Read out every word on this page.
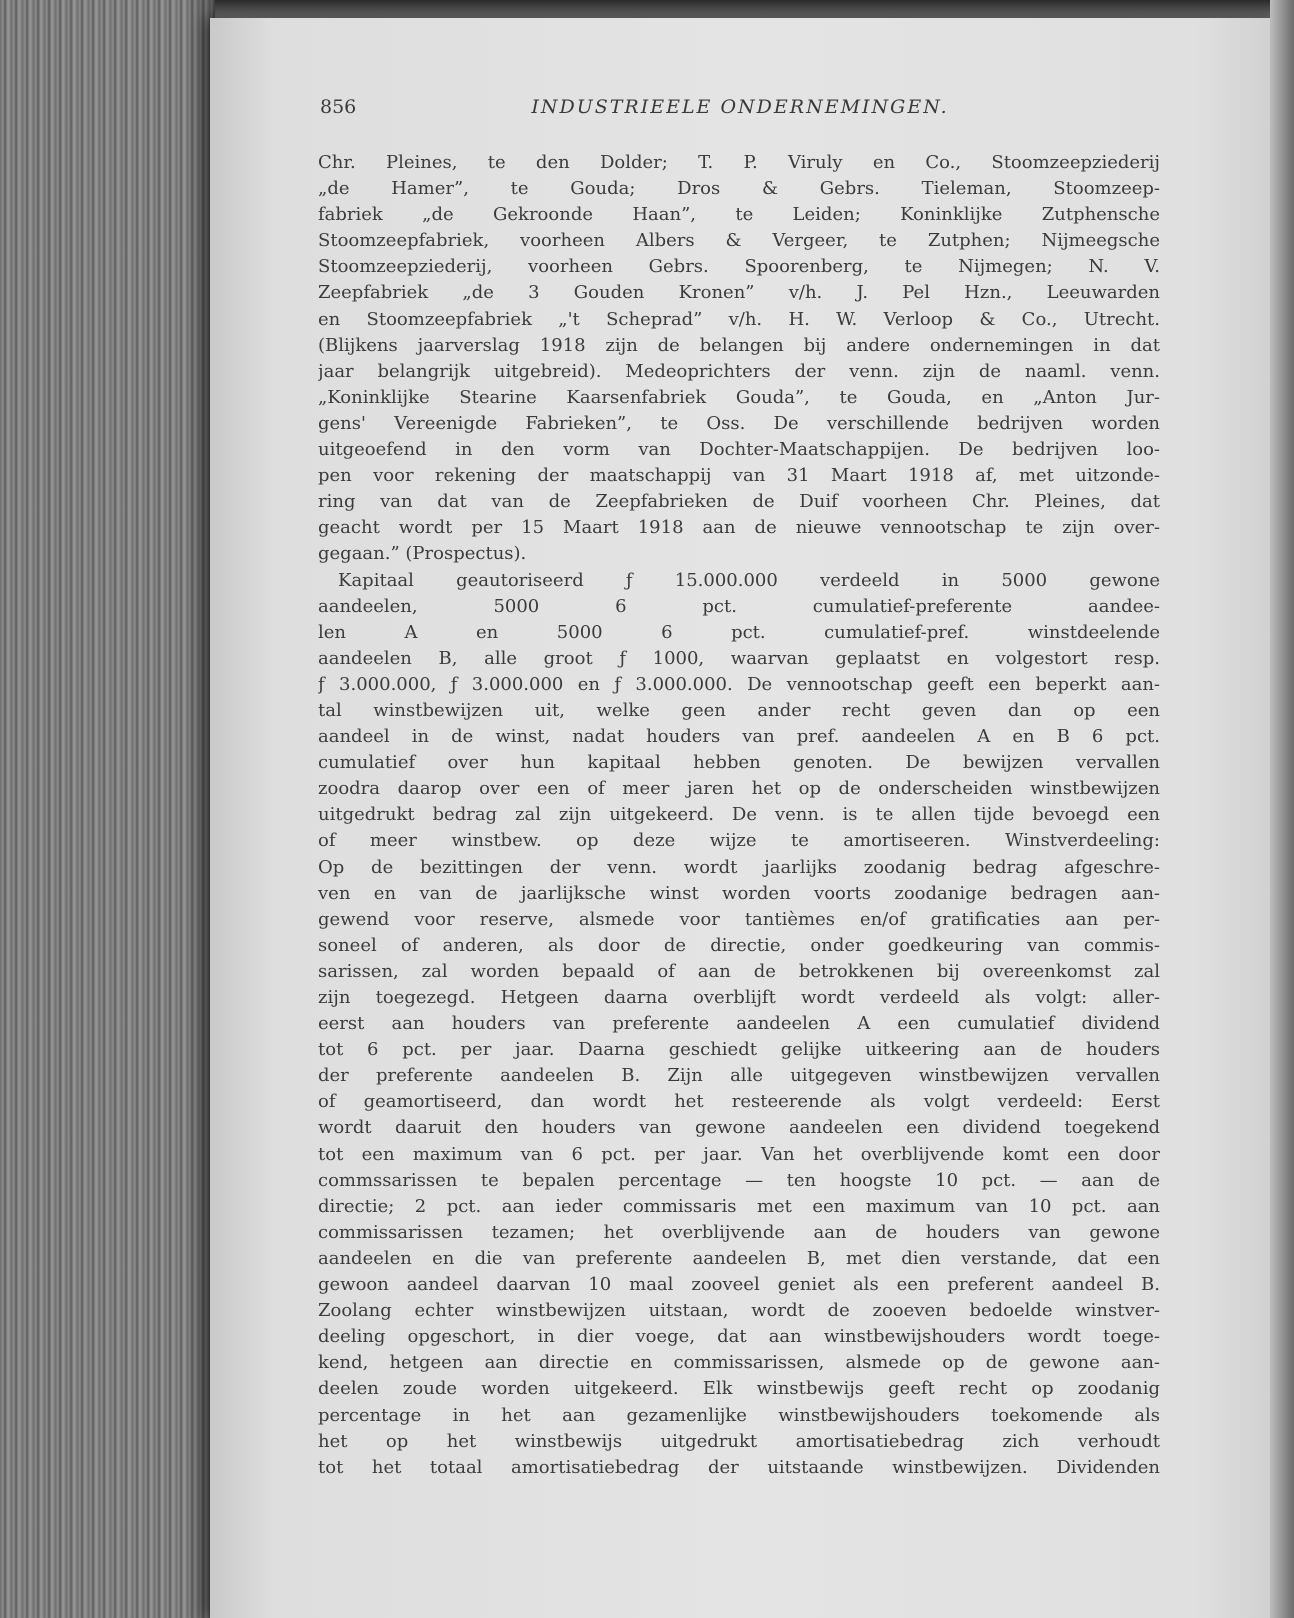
856	INDUSTRIEELE ONDERNEMINGEN.
Chr. Pleines, te den Dolder; T. P. Viruly en Co., Stoomzeepziederij
„de Hamer”, te Gouda; Dros & Gebrs. Tieleman, Stoomzeep-
fabriek „de Gekroonde Haan”, te Leiden; Koninklijke Zutphensche
Stoomzeepfabriek, voorheen Albers & Vergeer, te Zutphen; Nijmeegsche
Stoomzeepziederij, voorheen Gebrs. Spoorenberg, te Nijmegen; N. V.
Zeepfabriek „de 3 Gouden Kronen” v/h. J. Pel Hzn., Leeuwarden
en Stoomzeepfabriek „'t Scheprad” v/h. H. W. Verloop & Co., Utrecht.
(Blijkens jaarverslag 1918 zijn de belangen bij andere ondernemingen in dat
jaar belangrijk uitgebreid). Medeoprichters der venn. zijn de naaml. venn.
„Koninklijke Stearine Kaarsenfabriek Gouda”, te Gouda, en „Anton Jur-
gens' Vereenigde Fabrieken”, te Oss. De verschillende bedrijven worden
uitgeoefend in den vorm van Dochter-Maatschappijen. De bedrijven loo-
pen voor rekening der maatschappij van 31 Maart 1918 af, met uitzonde-
ring van dat van de Zeepfabrieken de Duif voorheen Chr. Pleines, dat
geacht wordt per 15 Maart 1918 aan de nieuwe vennootschap te zijn over-
gegaan.” (Prospectus).
Kapitaal geautoriseerd ƒ 15.000.000 verdeeld in 5000 gewone
aandeelen, 5000 6 pct. cumulatief-preferente aandee-
len A en 5000 6 pct. cumulatief-pref. winstdeelende
aandeelen B, alle groot ƒ 1000, waarvan geplaatst en volgestort resp.
ƒ 3.000.000, ƒ 3.000.000 en ƒ 3.000.000. De vennootschap geeft een beperkt aan-
tal winstbewijzen uit, welke geen ander recht geven dan op een
aandeel in de winst, nadat houders van pref. aandeelen A en B 6 pct.
cumulatief over hun kapitaal hebben genoten. De bewijzen vervallen
zoodra daarop over een of meer jaren het op de onderscheiden winstbewijzen
uitgedrukt bedrag zal zijn uitgekeerd. De venn. is te allen tijde bevoegd een
of meer winstbew. op deze wijze te amortiseeren. Winstverdeeling:
Op de bezittingen der venn. wordt jaarlijks zoodanig bedrag afgeschre-
ven en van de jaarlijksche winst worden voorts zoodanige bedragen aan-
gewend voor reserve, alsmede voor tantièmes en/of gratificaties aan per-
soneel of anderen, als door de directie, onder goedkeuring van commis-
sarissen, zal worden bepaald of aan de betrokkenen bij overeenkomst zal
zijn toegezegd. Hetgeen daarna overblijft wordt verdeeld als volgt: aller-
eerst aan houders van preferente aandeelen A een cumulatief dividend
tot 6 pct. per jaar. Daarna geschiedt gelijke uitkeering aan de houders
der preferente aandeelen B. Zijn alle uitgegeven winstbewijzen vervallen
of geamortiseerd, dan wordt het resteerende als volgt verdeeld: Eerst
wordt daaruit den houders van gewone aandeelen een dividend toegekend
tot een maximum van 6 pct. per jaar. Van het overblijvende komt een door
commssarissen te bepalen percentage — ten hoogste 10 pct. — aan de
directie; 2 pct. aan ieder commissaris met een maximum van 10 pct. aan
commissarissen tezamen; het overblijvende aan de houders van gewone
aandeelen en die van preferente aandeelen B, met dien verstande, dat een
gewoon aandeel daarvan 10 maal zooveel geniet als een preferent aandeel B.
Zoolang echter winstbewijzen uitstaan, wordt de zooeven bedoelde winstver-
deeling opgeschort, in dier voege, dat aan winstbewijshouders wordt toege-
kend, hetgeen aan directie en commissarissen, alsmede op de gewone aan-
deelen zoude worden uitgekeerd. Elk winstbewijs geeft recht op zoodanig
percentage in het aan gezamenlijke winstbewijshouders toekomende als
het op het winstbewijs uitgedrukt amortisatiebedrag zich verhoudt
tot het totaal amortisatiebedrag der uitstaande winstbewijzen. Dividenden
